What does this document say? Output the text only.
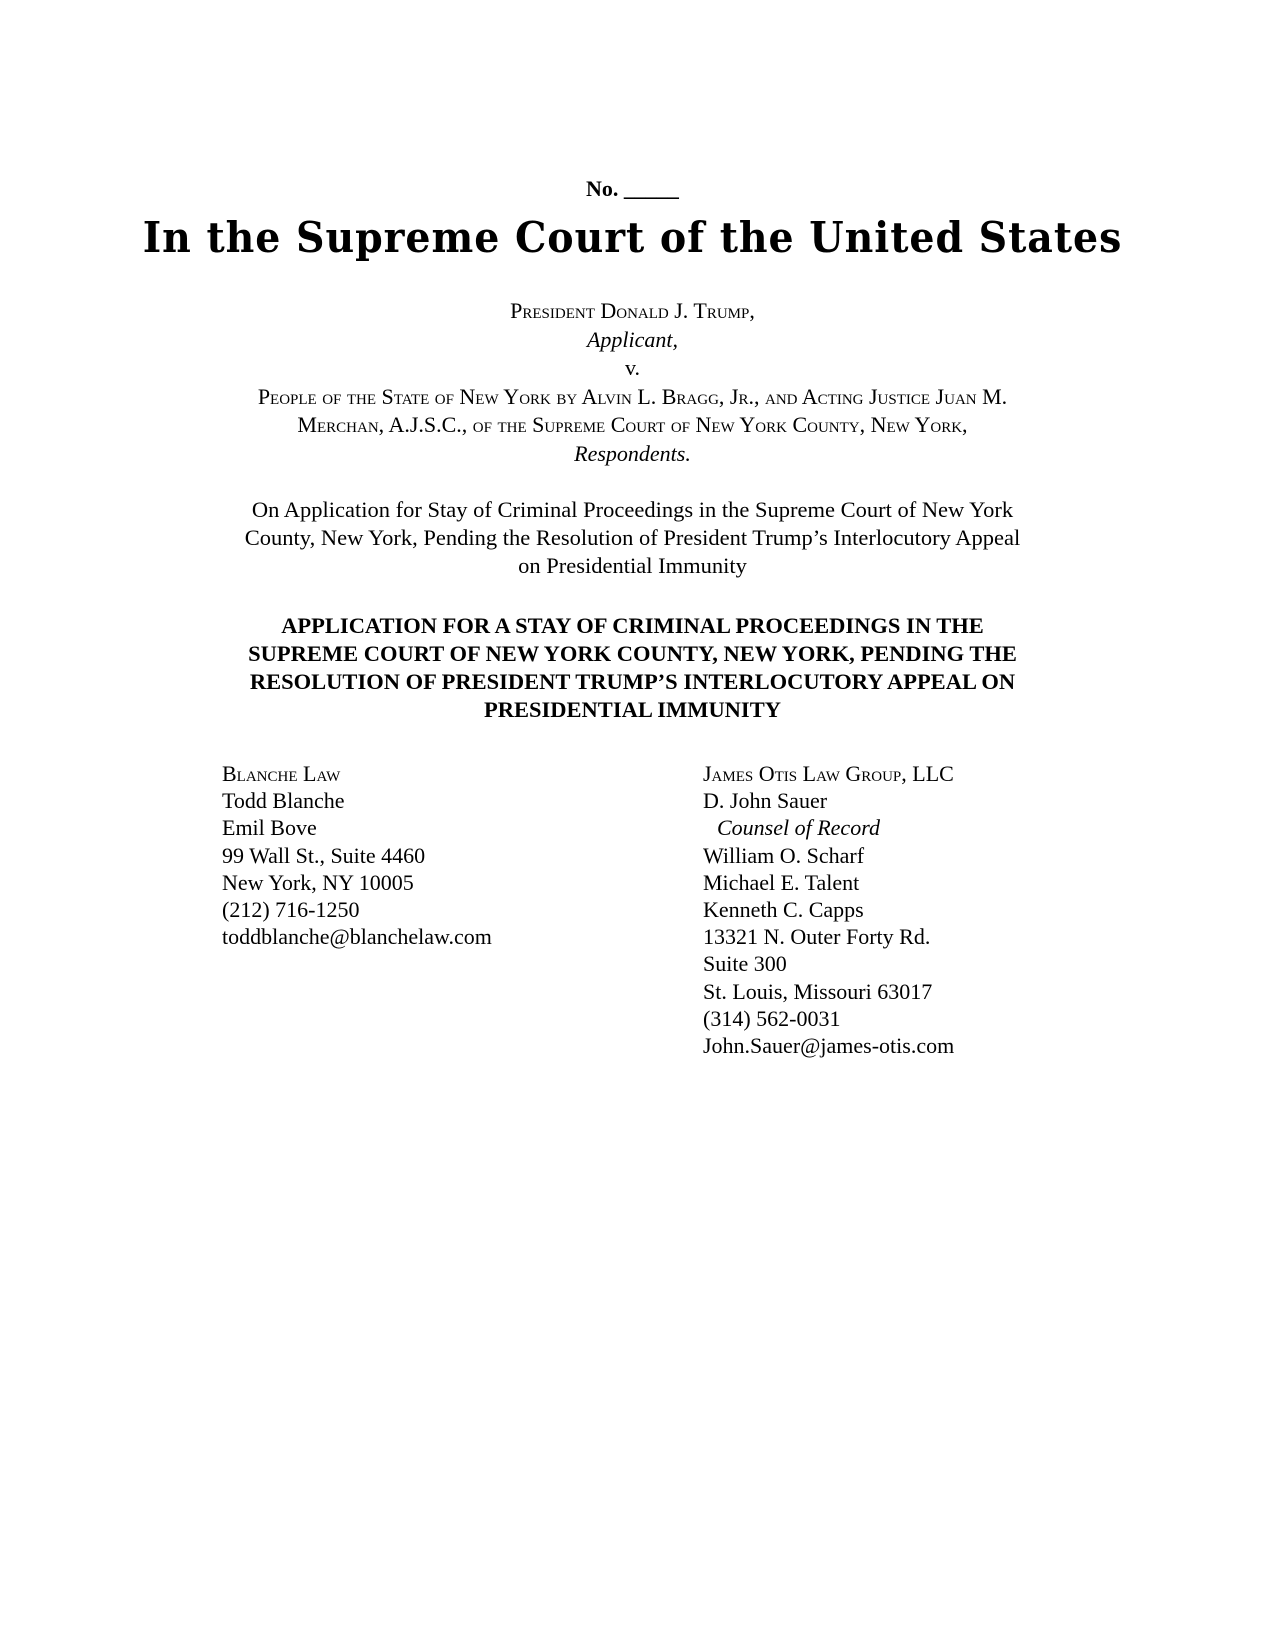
No. _____
In the Supreme Court of the United States
President Donald J. Trump,
Applicant,
v.
People of the State of New York by Alvin L. Bragg, Jr., and Acting Justice Juan M.
Merchan, A.J.S.C., of the Supreme Court of New York County, New York,
Respondents.
On Application for Stay of Criminal Proceedings in the Supreme Court of New York
County, New York, Pending the Resolution of President Trump’s Interlocutory Appeal
on Presidential Immunity
APPLICATION FOR A STAY OF CRIMINAL PROCEEDINGS IN THE
SUPREME COURT OF NEW YORK COUNTY, NEW YORK, PENDING THE
RESOLUTION OF PRESIDENT TRUMP’S INTERLOCUTORY APPEAL ON
PRESIDENTIAL IMMUNITY
Blanche Law
Todd Blanche
Emil Bove
99 Wall St., Suite 4460
New York, NY 10005
(212) 716-1250
toddblanche@blanchelaw.com
James Otis Law Group, LLC
D. John Sauer
Counsel of Record
William O. Scharf
Michael E. Talent
Kenneth C. Capps
13321 N. Outer Forty Rd.
Suite 300
St. Louis, Missouri 63017
(314) 562-0031
John.Sauer@james-otis.com
